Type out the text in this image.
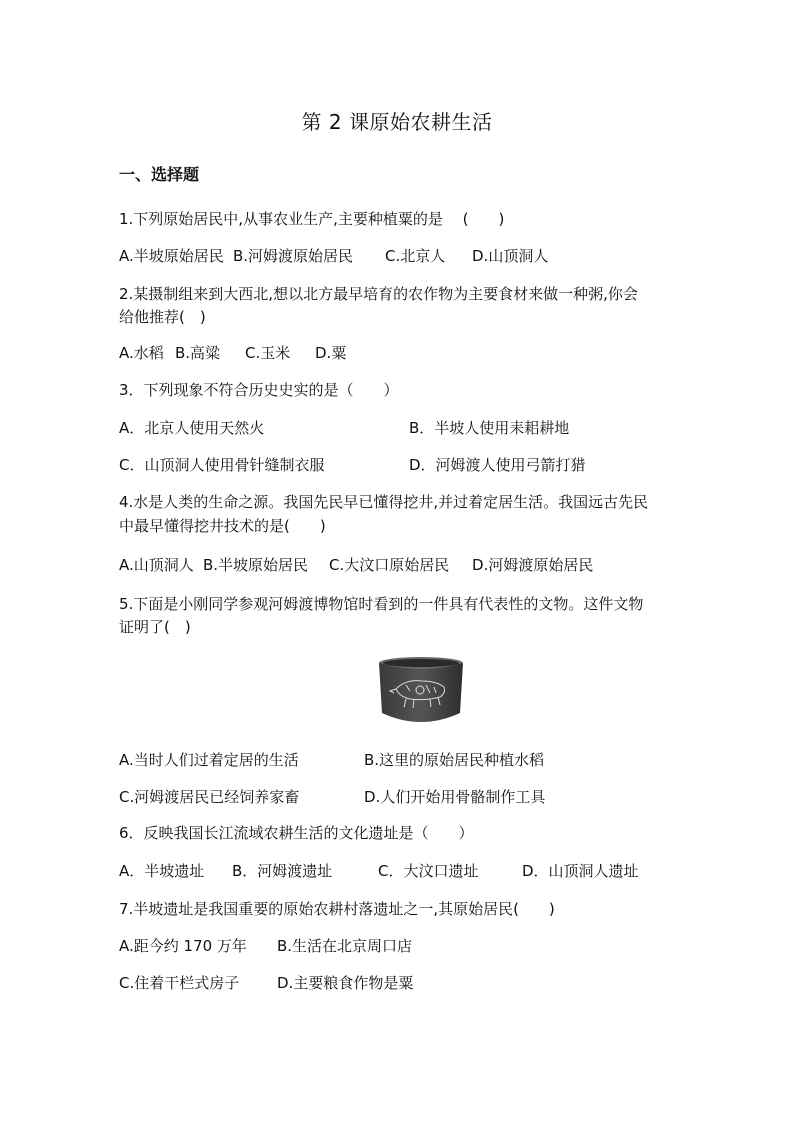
第 2 课原始农耕生活
一、选择题
1.下列原始居民中,从事农业生产,主要种植粟的是　 (　　)
A.半坡原始居民 B.河姆渡原始居民 C.北京人 D.山顶洞人
2.某摄制组来到大西北,想以北方最早培育的农作物为主要食材来做一种粥,你会
给他推荐(　)
A.水稻 B.高粱 C.玉米 D.粟
3．下列现象不符合历史史实的是（　　）
A．北京人使用天然火	B．半坡人使用耒耜耕地
C．山顶洞人使用骨针缝制衣服	D．河姆渡人使用弓箭打猎
4.水是人类的生命之源。我国先民早已懂得挖井,并过着定居生活。我国远古先民
中最早懂得挖井技术的是(　　)
A.山顶洞人 B.半坡原始居民 C.大汶口原始居民 D.河姆渡原始居民
5.下面是小刚同学参观河姆渡博物馆时看到的一件具有代表性的文物。这件文物
证明了(　)
A.当时人们过着定居的生活	B.这里的原始居民种植水稻
C.河姆渡居民已经饲养家畜	D.人们开始用骨骼制作工具
6．反映我国长江流域农耕生活的文化遗址是（　　）
A．半坡遗址 B．河姆渡遗址	C．大汶口遗址	D．山顶洞人遗址
7.半坡遗址是我国重要的原始农耕村落遗址之一,其原始居民(　　)
A.距今约 170 万年 B.生活在北京周口店
C.住着干栏式房子	D.主要粮食作物是粟
